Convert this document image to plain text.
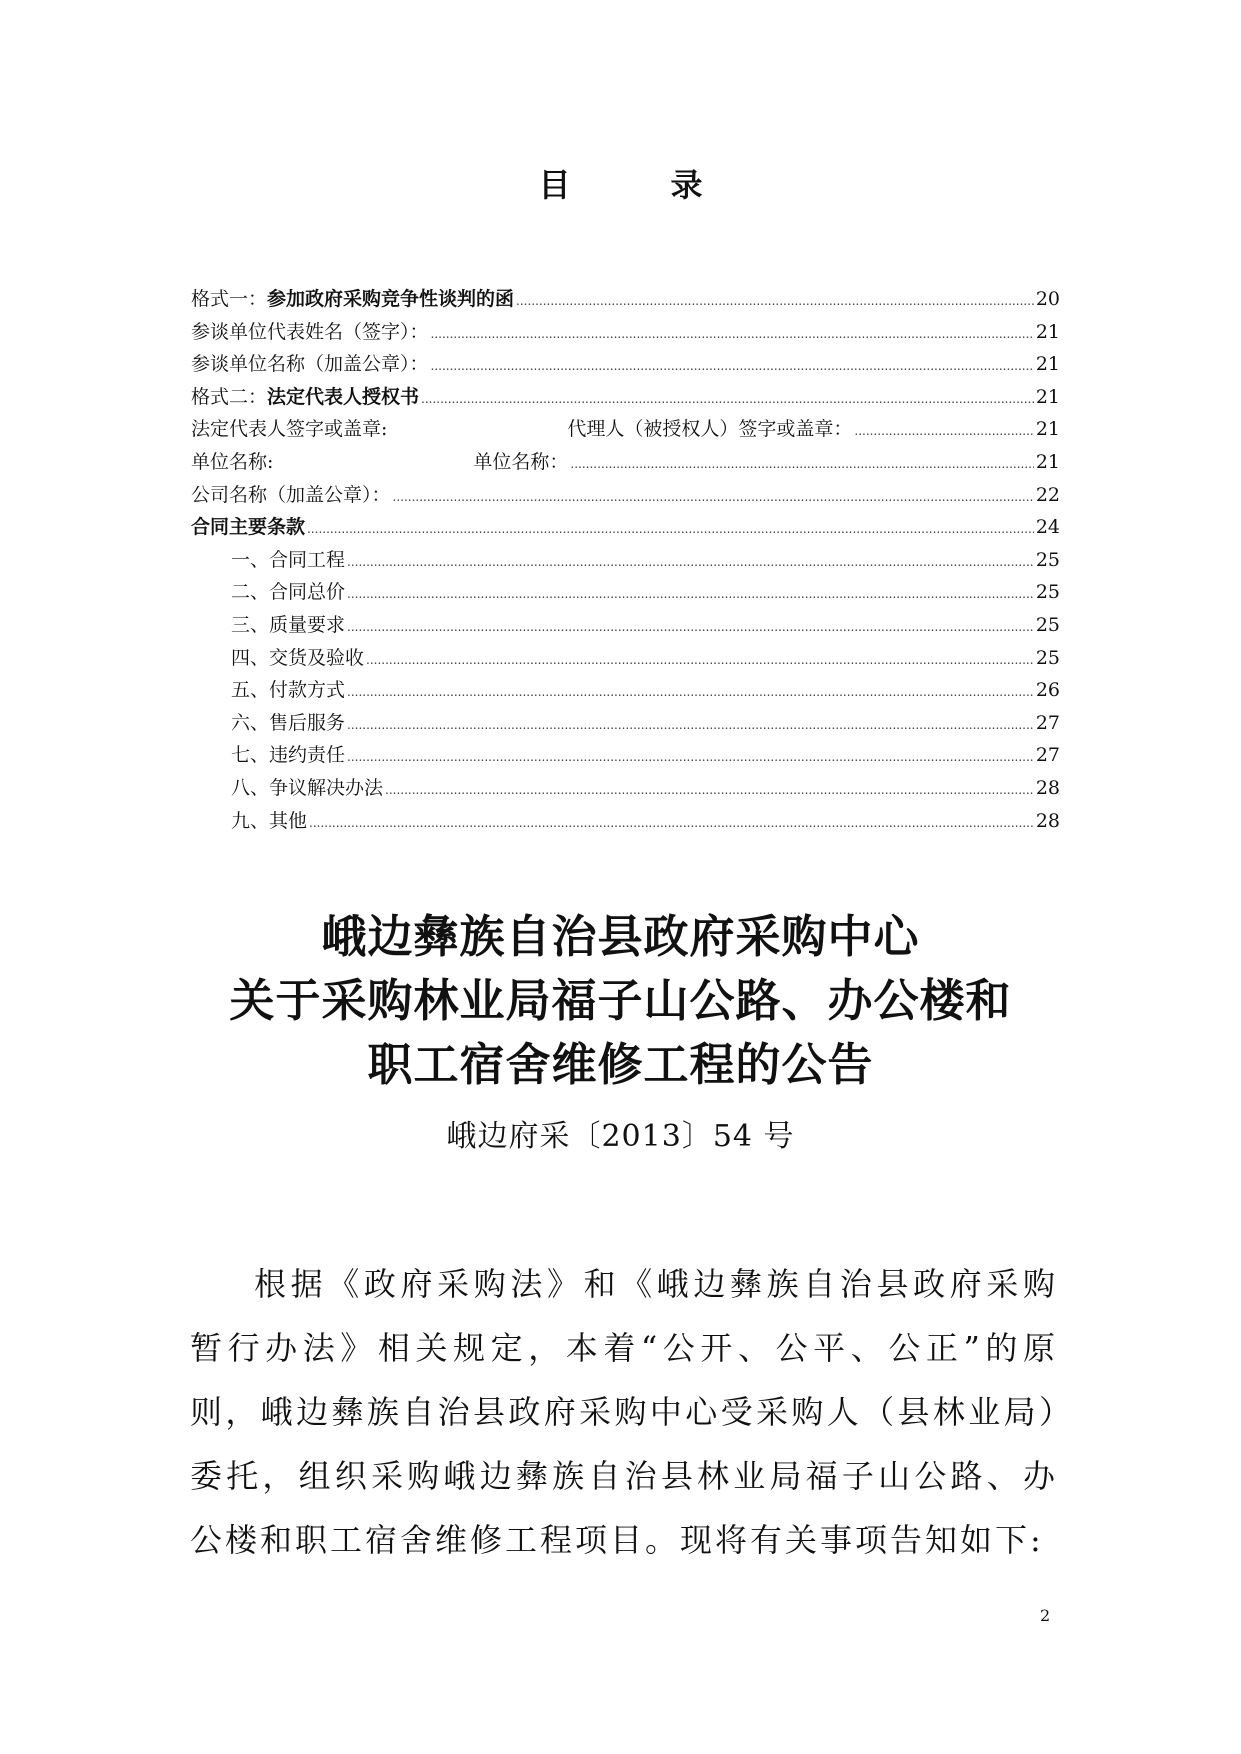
目	录
格式一：参加政府采购竞争性谈判的函 .....	20
参谈单位代表姓名（签字）： .....	21
参谈单位名称（加盖公章）： .....	21
格式二：法定代表人授权书 .....	21
法定代表人签字或盖章:	代理人（被授权人）签字或盖章： .....	21
单位名称:	单位名称： .....	21
公司名称（加盖公章）： .....	22
合同主要条款 .....	24
一、合同工程 .....	25
二、合同总价 .....	25
三、质量要求 .....	25
四、交货及验收 .....	25
五、付款方式 .....	26
六、售后服务 .....	27
七、违约责任 .....	27
八、争议解决办法 .....	28
九、其他 .....	28
峨边彝族自治县政府采购中心
关于采购林业局福子山公路、办公楼和
职工宿舍维修工程的公告
峨边府采〔2013〕54 号

根据《政府采购法》和《峨边彝族自治县政府采购暂行办法》相关规定，本着“公开、公平、公正”的原则，峨边彝族自治县政府采购中心受采购人（县林业局）委托，组织采购峨边彝族自治县林业局福子山公路、办公楼和职工宿舍维修工程项目。现将有关事项告知如下:

2
